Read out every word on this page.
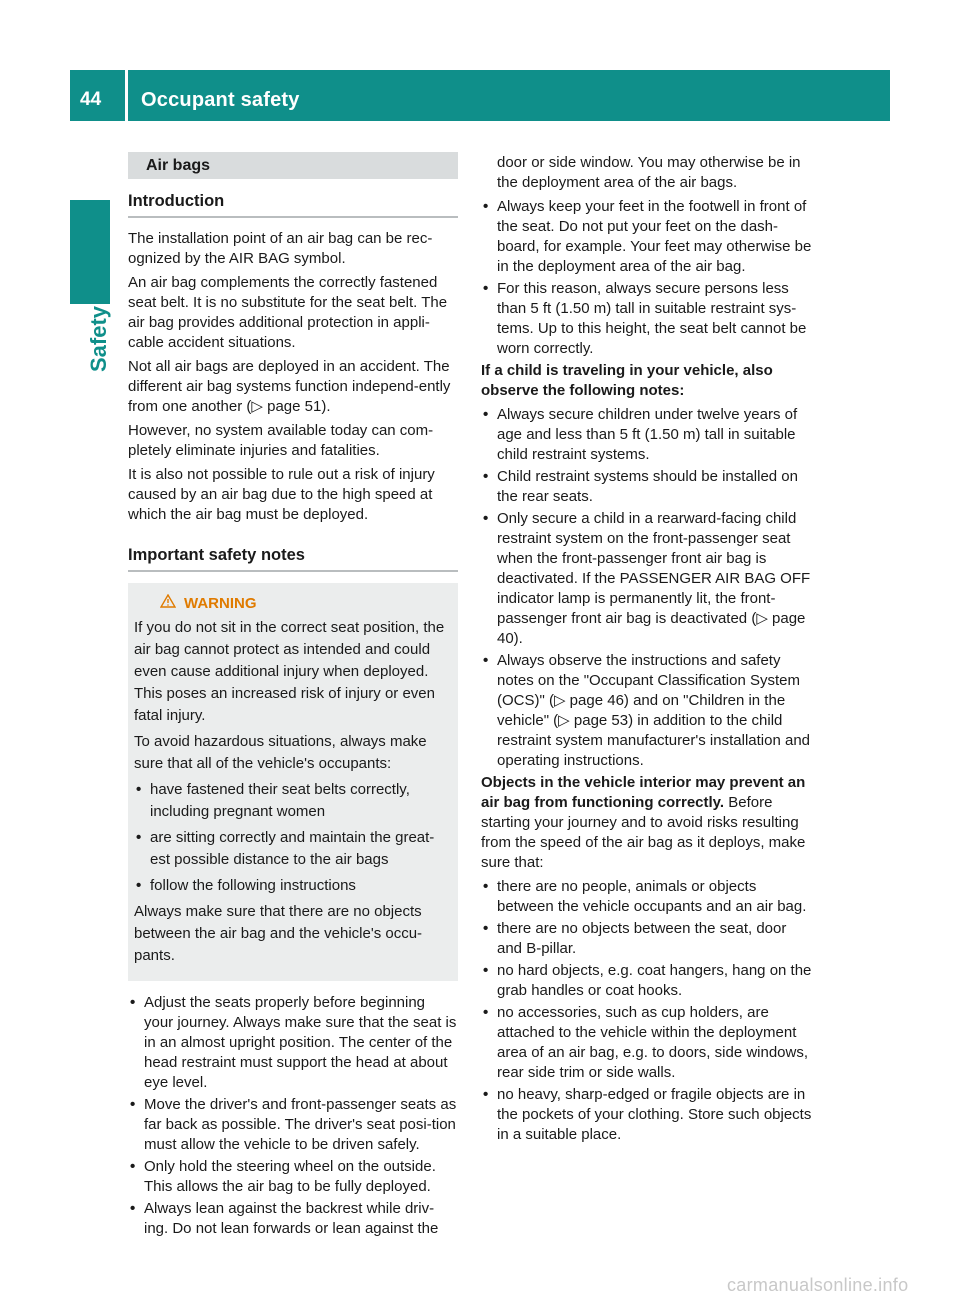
44	Occupant safety
Safety
Air bags
Introduction

The installation point of an air bag can be rec-ognized by the AIR BAG symbol.

An air bag complements the correctly fastened seat belt. It is no substitute for the seat belt. The air bag provides additional protection in appli-cable accident situations.

Not all air bags are deployed in an accident. The different air bag systems function independ-ently from one another (▷ page 51).

However, no system available today can com-pletely eliminate injuries and fatalities.

It is also not possible to rule out a risk of injury caused by an air bag due to the high speed at which the air bag must be deployed.

Important safety notes
WARNING

If you do not sit in the correct seat position, the air bag cannot protect as intended and could even cause additional injury when deployed. This poses an increased risk of injury or even fatal injury.

To avoid hazardous situations, always make sure that all of the vehicle's occupants:

• have fastened their seat belts correctly, including pregnant women
• are sitting correctly and maintain the great-est possible distance to the air bags
• follow the following instructions

Always make sure that there are no objects between the air bag and the vehicle's occu-pants.

• Adjust the seats properly before beginning your journey. Always make sure that the seat is in an almost upright position. The center of the head restraint must support the head at about eye level.
• Move the driver's and front-passenger seats as far back as possible. The driver's seat posi-tion must allow the vehicle to be driven safely.
• Only hold the steering wheel on the outside. This allows the air bag to be fully deployed.
• Always lean against the backrest while driv-ing. Do not lean forwards or lean against the

door or side window. You may otherwise be in the deployment area of the air bags.

• Always keep your feet in the footwell in front of the seat. Do not put your feet on the dash-board, for example. Your feet may otherwise be in the deployment area of the air bag.
• For this reason, always secure persons less than 5 ft (1.50 m) tall in suitable restraint sys-tems. Up to this height, the seat belt cannot be worn correctly.

If a child is traveling in your vehicle, also observe the following notes:

• Always secure children under twelve years of age and less than 5 ft (1.50 m) tall in suitable child restraint systems.
• Child restraint systems should be installed on the rear seats.
• Only secure a child in a rearward-facing child restraint system on the front-passenger seat when the front-passenger front air bag is deactivated. If the PASSENGER AIR BAG OFF indicator lamp is permanently lit, the front-passenger front air bag is deactivated (▷ page 40).
• Always observe the instructions and safety notes on the "Occupant Classification System (OCS)" (▷ page 46) and on "Children in the vehicle" (▷ page 53) in addition to the child restraint system manufacturer's installation and operating instructions.

Objects in the vehicle interior may prevent an air bag from functioning correctly. Before starting your journey and to avoid risks resulting from the speed of the air bag as it deploys, make sure that:

• there are no people, animals or objects between the vehicle occupants and an air bag.
• there are no objects between the seat, door and B-pillar.
• no hard objects, e.g. coat hangers, hang on the grab handles or coat hooks.
• no accessories, such as cup holders, are attached to the vehicle within the deployment area of an air bag, e.g. to doors, side windows, rear side trim or side walls.
• no heavy, sharp-edged or fragile objects are in the pockets of your clothing. Store such objects in a suitable place.
carmanualsonline.info
